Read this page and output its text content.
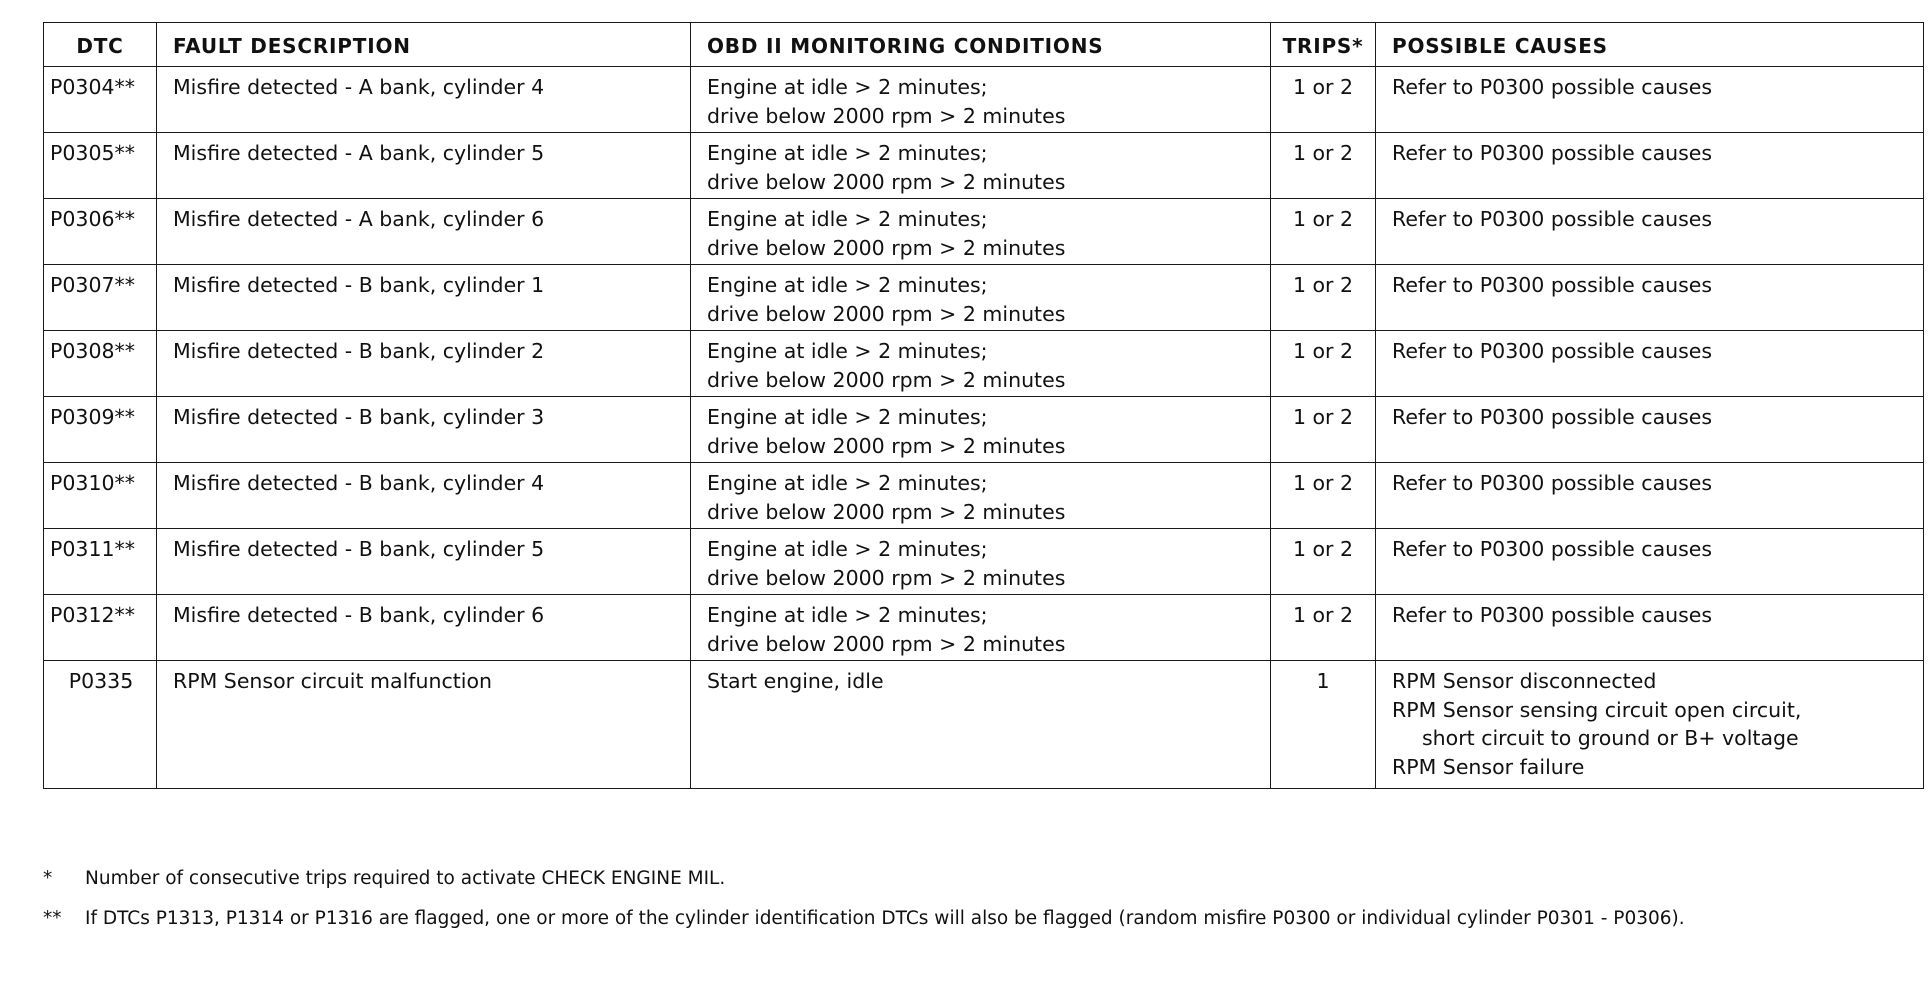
DTC	FAULT DESCRIPTION	OBD II MONITORING CONDITIONS	TRIPS*	POSSIBLE CAUSES
P0304**	Misfire detected - A bank, cylinder 4	Engine at idle > 2 minutes;
drive below 2000 rpm > 2 minutes	1 or 2	Refer to P0300 possible causes

P0305**	Misfire detected - A bank, cylinder 5	Engine at idle > 2 minutes;
drive below 2000 rpm > 2 minutes	1 or 2	Refer to P0300 possible causes

P0306**	Misfire detected - A bank, cylinder 6	Engine at idle > 2 minutes;
drive below 2000 rpm > 2 minutes	1 or 2	Refer to P0300 possible causes

P0307**	Misfire detected - B bank, cylinder 1	Engine at idle > 2 minutes;
drive below 2000 rpm > 2 minutes	1 or 2	Refer to P0300 possible causes

P0308**	Misfire detected - B bank, cylinder 2	Engine at idle > 2 minutes;
drive below 2000 rpm > 2 minutes	1 or 2	Refer to P0300 possible causes

P0309**	Misfire detected - B bank, cylinder 3	Engine at idle > 2 minutes;
drive below 2000 rpm > 2 minutes	1 or 2	Refer to P0300 possible causes

P0310**	Misfire detected - B bank, cylinder 4	Engine at idle > 2 minutes;
drive below 2000 rpm > 2 minutes	1 or 2	Refer to P0300 possible causes

P0311**	Misfire detected - B bank, cylinder 5	Engine at idle > 2 minutes;
drive below 2000 rpm > 2 minutes	1 or 2	Refer to P0300 possible causes

P0312**	Misfire detected - B bank, cylinder 6	Engine at idle > 2 minutes;
drive below 2000 rpm > 2 minutes	1 or 2	Refer to P0300 possible causes

P0335	RPM Sensor circuit malfunction	Start engine, idle	1	RPM Sensor disconnected
RPM Sensor sensing circuit open circuit,
short circuit to ground or B+ voltage
RPM Sensor failure
* Number of consecutive trips required to activate CHECK ENGINE MIL.
** If DTCs P1313, P1314 or P1316 are flagged, one or more of the cylinder identification DTCs will also be flagged (random misfire P0300 or individual cylinder P0301 - P0306).
